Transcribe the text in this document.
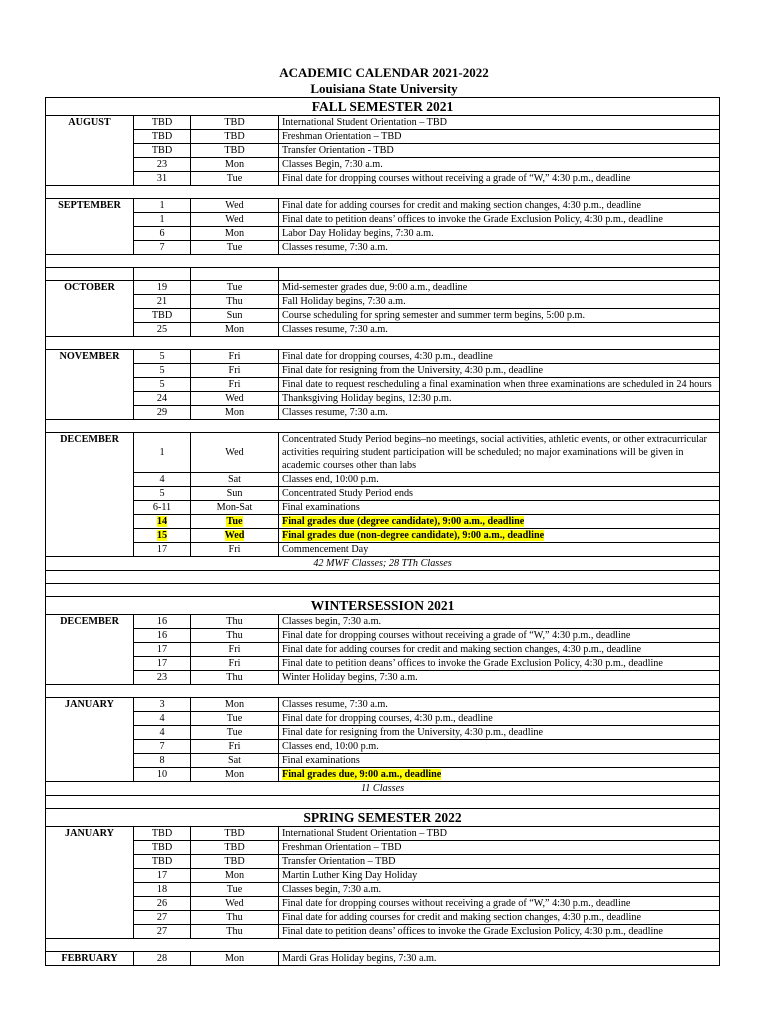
ACADEMIC CALENDAR 2021-2022
Louisiana State University
FALL SEMESTER 2021			
AUGUST	TBD	TBD	International Student Orientation – TBD
	TBD	TBD	Freshman Orientation – TBD
	TBD	TBD	Transfer Orientation - TBD
	23	Mon	Classes Begin, 7:30 a.m.
	31	Tue	Final date for dropping courses without receiving a grade of “W,” 4:30 p.m., deadline

SEPTEMBER	1	Wed	Final date for adding courses for credit and making section changes, 4:30 p.m., deadline
	1	Wed	Final date to petition deans’ offices to invoke the Grade Exclusion Policy, 4:30 p.m., deadline
	6	Mon	Labor Day Holiday begins, 7:30 a.m.
	7	Tue	Classes resume, 7:30 a.m.

OCTOBER	19	Tue	Mid-semester grades due, 9:00 a.m., deadline
	21	Thu	Fall Holiday begins, 7:30 a.m.
	TBD	Sun	Course scheduling for spring semester and summer term begins, 5:00 p.m.
	25	Mon	Classes resume, 7:30 a.m.

NOVEMBER	5	Fri	Final date for dropping courses, 4:30 p.m., deadline
	5	Fri	Final date for resigning from the University, 4:30 p.m., deadline
	5	Fri	Final date to request rescheduling a final examination when three examinations are scheduled in 24 hours
	24	Wed	Thanksgiving Holiday begins, 12:30 p.m.
	29	Mon	Classes resume, 7:30 a.m.

DECEMBER	1	Wed	Concentrated Study Period begins–no meetings, social activities, athletic events, or other extracurricular activities requiring student participation will be scheduled; no major examinations will be given in academic courses other than labs
	4	Sat	Classes end, 10:00 p.m.
	5	Sun	Concentrated Study Period ends
	6-11	Mon-Sat	Final examinations
	14	Tue	Final grades due (degree candidate), 9:00 a.m., deadline
	15	Wed	Final grades due (non-degree candidate), 9:00 a.m., deadline
	17	Fri	Commencement Day
42 MWF Classes; 28 TTh Classes			

WINTERSESSION 2021			
DECEMBER	16	Thu	Classes begin, 7:30 a.m.
	16	Thu	Final date for dropping courses without receiving a grade of “W,” 4:30 p.m., deadline
	17	Fri	Final date for adding courses for credit and making section changes, 4:30 p.m., deadline
	17	Fri	Final date to petition deans’ offices to invoke the Grade Exclusion Policy, 4:30 p.m., deadline
	23	Thu	Winter Holiday begins, 7:30 a.m.

JANUARY	3	Mon	Classes resume, 7:30 a.m.
	4	Tue	Final date for dropping courses, 4:30 p.m., deadline
	4	Tue	Final date for resigning from the University, 4:30 p.m., deadline
	7	Fri	Classes end, 10:00 p.m.
	8	Sat	Final examinations
	10	Mon	Final grades due, 9:00 a.m., deadline
11 Classes			

SPRING SEMESTER 2022			
JANUARY	TBD	TBD	International Student Orientation – TBD
	TBD	TBD	Freshman Orientation – TBD
	TBD	TBD	Transfer Orientation – TBD
	17	Mon	Martin Luther King Day Holiday
	18	Tue	Classes begin, 7:30 a.m.
	26	Wed	Final date for dropping courses without receiving a grade of “W,” 4:30 p.m., deadline
	27	Thu	Final date for adding courses for credit and making section changes, 4:30 p.m., deadline
	27	Thu	Final date to petition deans’ offices to invoke the Grade Exclusion Policy, 4:30 p.m., deadline

FEBRUARY	28	Mon	Mardi Gras Holiday begins, 7:30 a.m.
